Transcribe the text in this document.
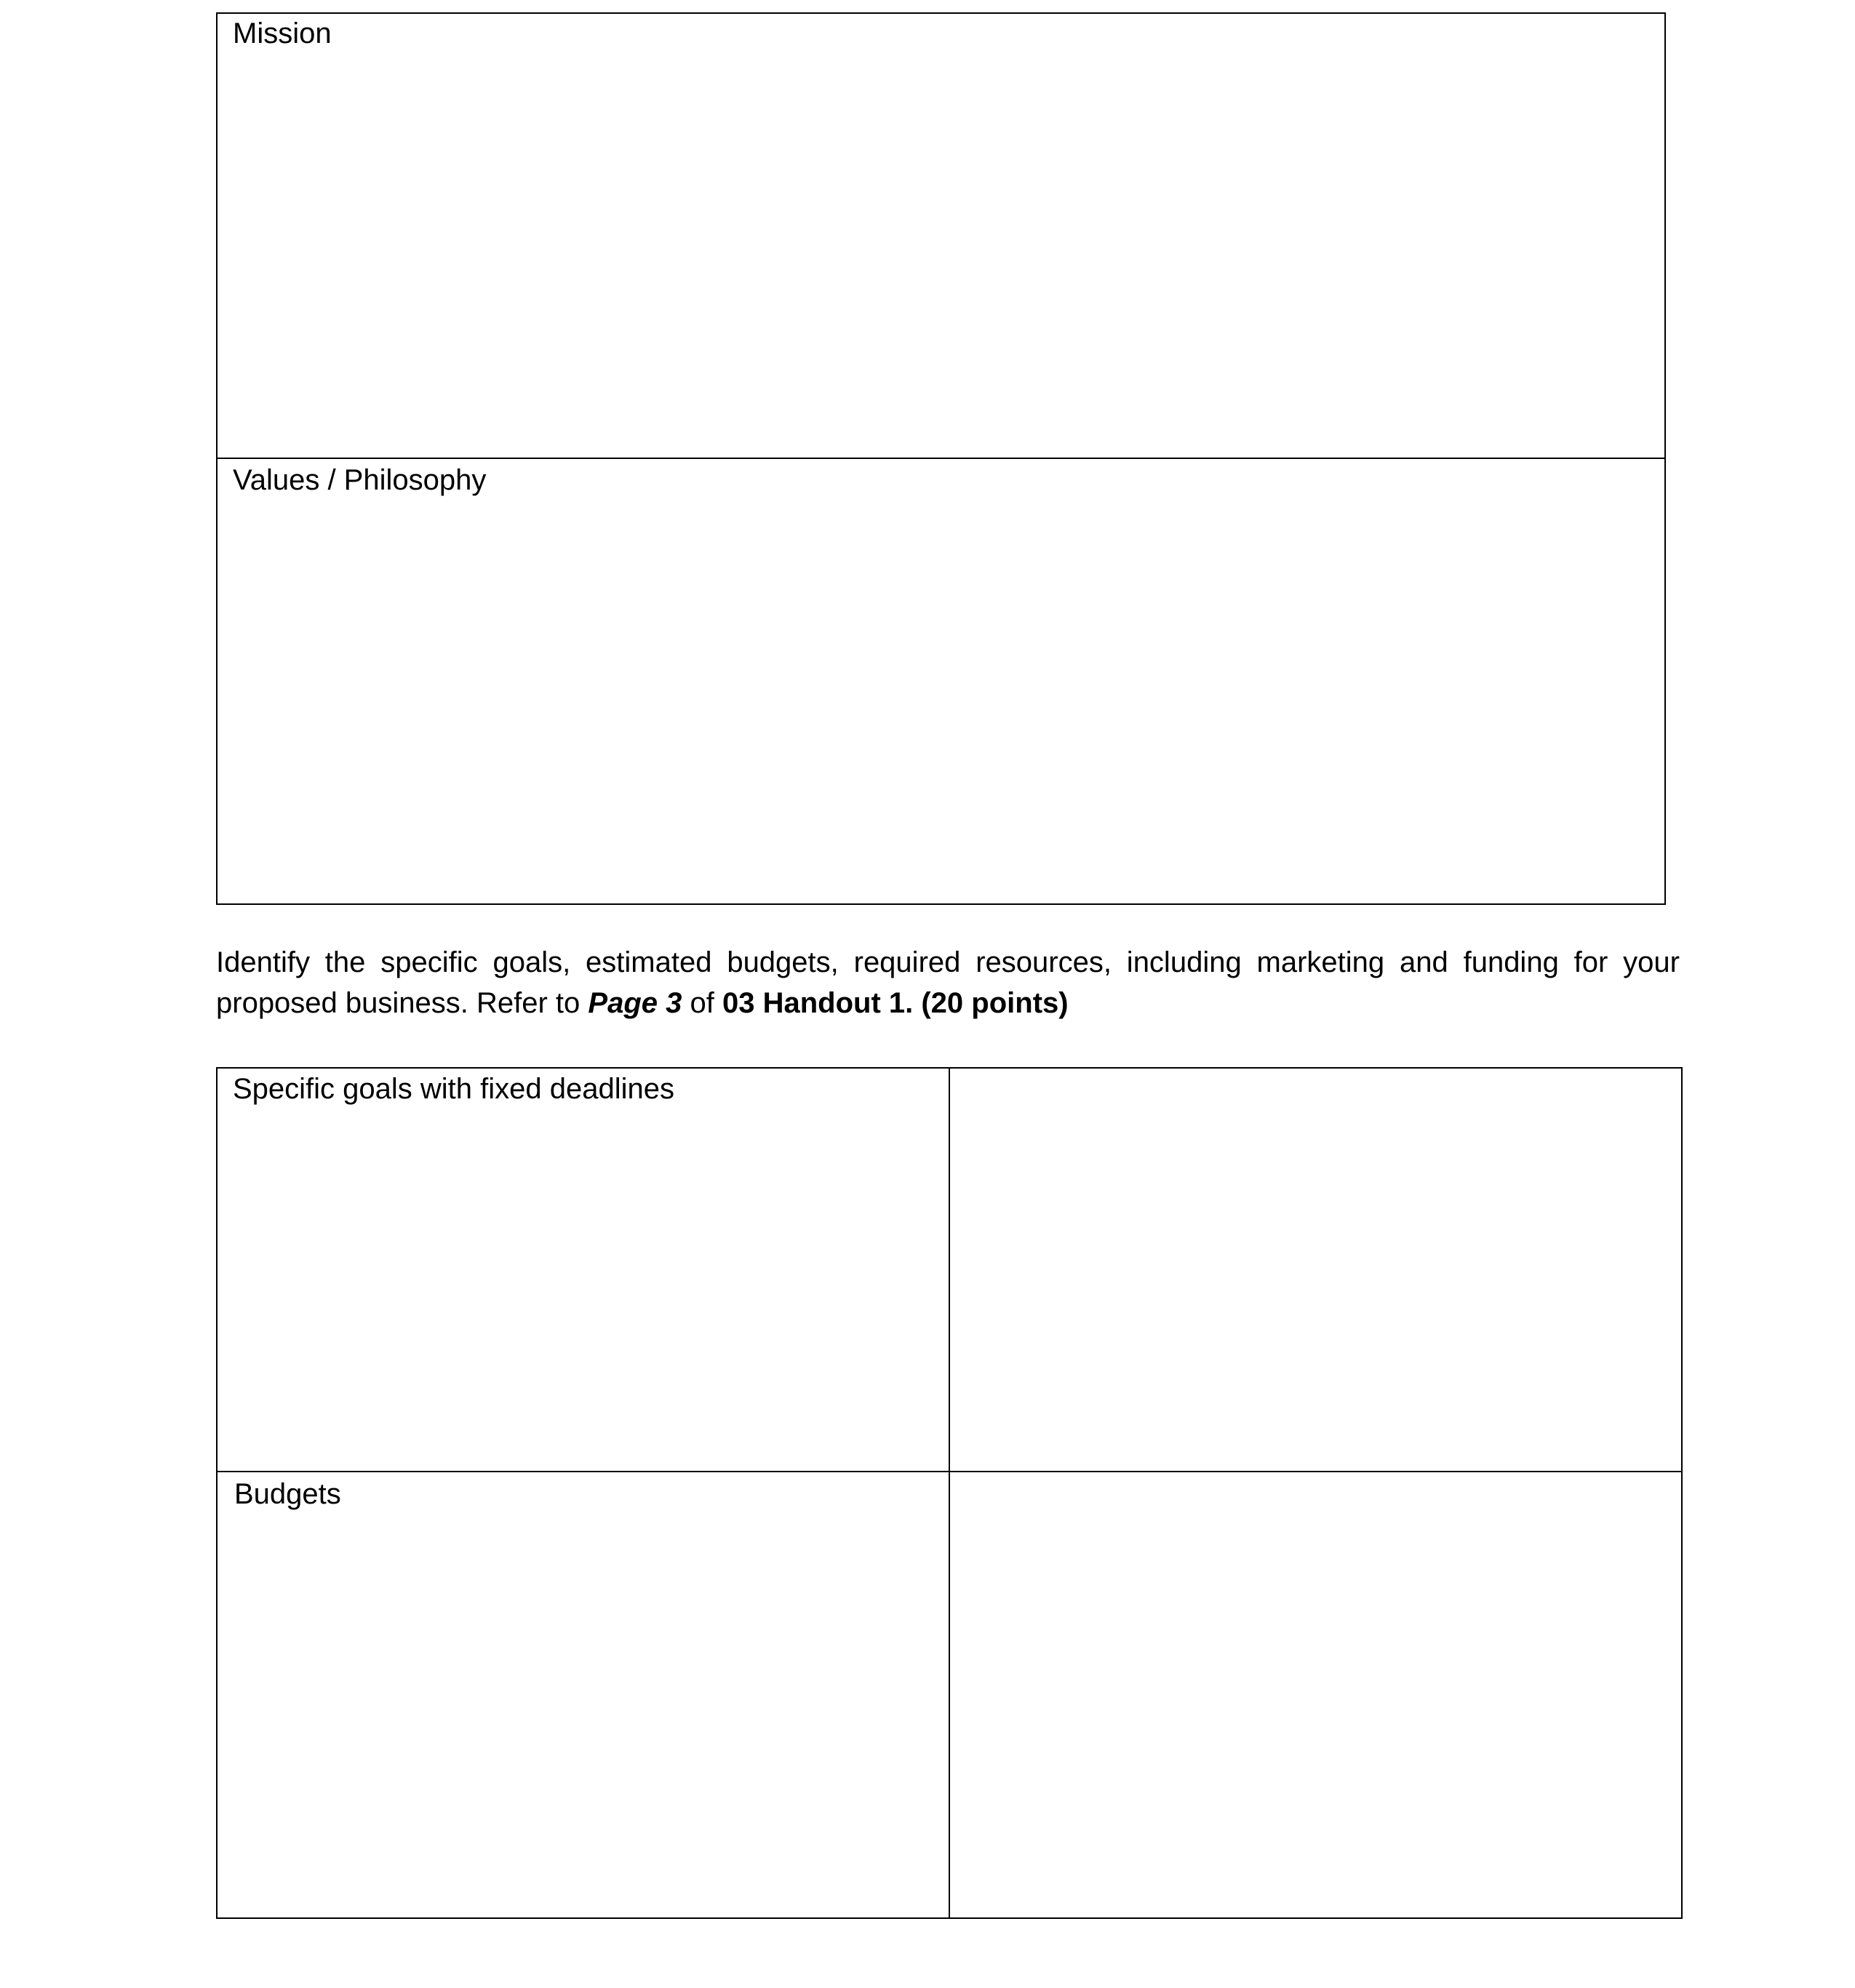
Mission
Values / Philosophy
Identify the specific goals, estimated budgets, required resources, including marketing and funding for your proposed business. Refer to Page 3 of 03 Handout 1. (20 points)
Specific goals with fixed deadlines
Budgets
